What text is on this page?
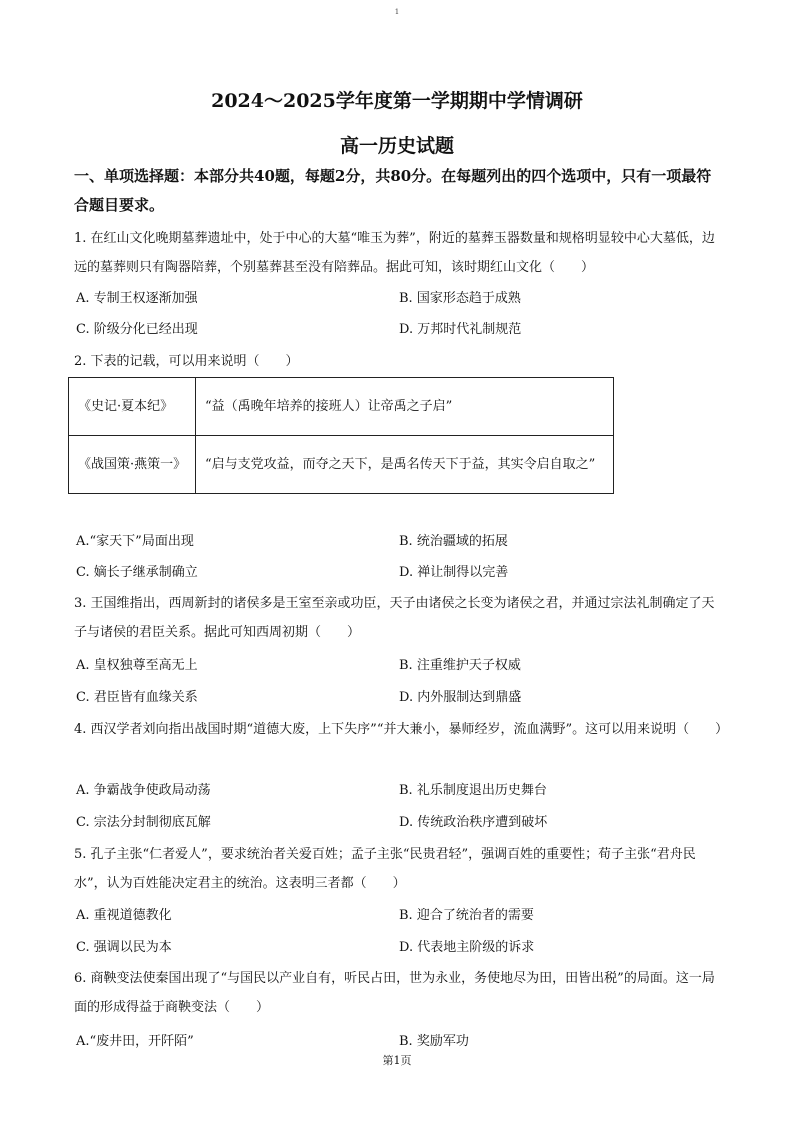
1
2024～2025学年度第一学期期中学情调研
高一历史试题
一、单项选择题：本部分共40题，每题2分，共80分。在每题列出的四个选项中，只有一项最符合题目要求。
1. 在红山文化晚期墓葬遗址中，处于中心的大墓“唯玉为葬”，附近的墓葬玉器数量和规格明显较中心大墓低，边远的墓葬则只有陶器陪葬，个别墓葬甚至没有陪葬品。据此可知，该时期红山文化（　　）
A. 专制王权逐渐加强	B. 国家形态趋于成熟
C. 阶级分化已经出现	D. 万邦时代礼制规范
2. 下表的记载，可以用来说明（　　）
《史记·夏本纪》	“益（禹晚年培养的接班人）让帝禹之子启”
《战国策·燕策一》	“启与支党攻益，而夺之天下，是禹名传天下于益，其实令启自取之”
A.“家天下”局面出现	B. 统治疆域的拓展
C. 嫡长子继承制确立	D. 禅让制得以完善
3. 王国维指出，西周新封的诸侯多是王室至亲或功臣，天子由诸侯之长变为诸侯之君，并通过宗法礼制确定了天子与诸侯的君臣关系。据此可知西周初期（　　）
A. 皇权独尊至高无上	B. 注重维护天子权威
C. 君臣皆有血缘关系	D. 内外服制达到鼎盛
4. 西汉学者刘向指出战国时期“道德大废，上下失序”“并大兼小，暴师经岁，流血满野”。这可以用来说明（　　）
A. 争霸战争使政局动荡	B. 礼乐制度退出历史舞台
C. 宗法分封制彻底瓦解	D. 传统政治秩序遭到破坏
5. 孔子主张“仁者爱人”，要求统治者关爱百姓；孟子主张“民贵君轻”，强调百姓的重要性；荀子主张“君舟民水”，认为百姓能决定君主的统治。这表明三者都（　　）
A. 重视道德教化	B. 迎合了统治者的需要
C. 强调以民为本	D. 代表地主阶级的诉求
6. 商鞅变法使秦国出现了“与国民以产业自有，听民占田，世为永业，务使地尽为田，田皆出税”的局面。这一局面的形成得益于商鞅变法（　　）
A.“废井田，开阡陌”	B. 奖励军功
第1页
